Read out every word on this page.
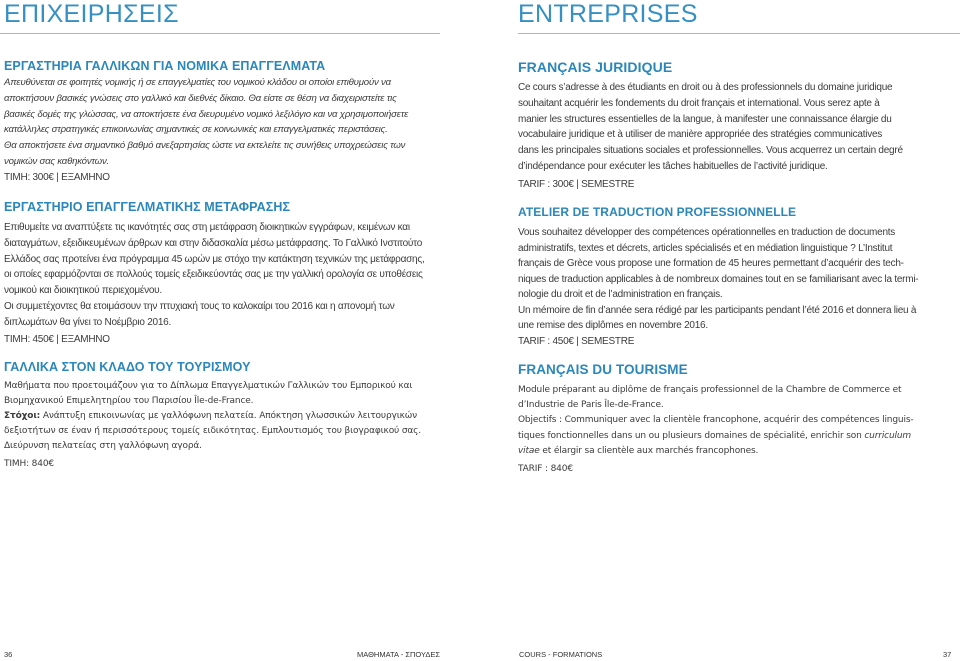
ΕΠΙΧΕΙΡΗΣΕΙΣ
ΕΡΓΑΣΤΗΡΙΑ ΓΑΛΛΙΚΩΝ ΓΙΑ ΝΟΜΙΚΑ ΕΠΑΓΓΕΛΜΑΤΑ
Απευθύνεται σε φοιτητές νομικής ή σε επαγγελματίες του νομικού κλάδου οι οποίοι επιθυμούν να
αποκτήσουν βασικές γνώσεις στο γαλλικό και διεθνές δίκαιο. Θα είστε σε θέση να διαχειριστείτε τις
βασικές δομές της γλώσσας, να αποκτήσετε ένα διευρυμένο νομικό λεξιλόγιο και να χρησιμοποιήσετε
κατάλληλες στρατηγικές επικοινωνίας σημαντικές σε κοινωνικές και επαγγελματικές περιστάσεις.
Θα αποκτήσετε ένα σημαντικό βαθμό ανεξαρτησίας ώστε να εκτελείτε τις συνήθεις υποχρεώσεις των
νομικών σας καθηκόντων.
ΤΙΜΗ: 300€ | ΕΞΑΜΗΝΟ
ΕΡΓΑΣΤΗΡΙΟ ΕΠΑΓΓΕΛΜΑΤΙΚΗΣ ΜΕΤΑΦΡΑΣΗΣ
Επιθυμείτε να αναπτύξετε τις ικανότητές σας στη μετάφραση διοικητικών εγγράφων, κειμένων και
διαταγμάτων, εξειδικευμένων άρθρων και στην διδασκαλία μέσω μετάφρασης. Το Γαλλικό Ινστιτούτο
Ελλάδος σας προτείνει ένα πρόγραμμα 45 ωρών με στόχο την κατάκτηση τεχνικών της μετάφρασης,
οι οποίες εφαρμόζονται σε πολλούς τομείς εξειδικεύοντάς σας με την γαλλική ορολογία σε υποθέσεις
νομικού και διοικητικού περιεχομένου.
Οι συμμετέχοντες θα ετοιμάσουν την πτυχιακή τους το καλοκαίρι του 2016 και η απονομή των
διπλωμάτων θα γίνει το Νοέμβριο 2016.
ΤΙΜΗ: 450€ | ΕΞΑΜΗΝΟ
ΓΑΛΛΙΚΑ ΣΤΟΝ ΚΛΑΔΟ ΤΟΥ ΤΟΥΡΙΣΜΟΥ
Μαθήματα που προετοιμάζουν για το Δίπλωμα Επαγγελματικών Γαλλικών του Εμπορικού και
Βιομηχανικού Επιμελητηρίου του Παρισίου Île-de-France.
Στόχοι: Ανάπτυξη επικοινωνίας με γαλλόφωνη πελατεία. Απόκτηση γλωσσικών λειτουργικών
δεξιοτήτων σε έναν ή περισσότερους τομείς ειδικότητας. Εμπλουτισμός του βιογραφικού σας.
Διεύρυνση πελατείας στη γαλλόφωνη αγορά.
ΤΙΜΗ: 840€
ENTREPRISES
FRANÇAIS JURIDIQUE
Ce cours s’adresse à des étudiants en droit ou à des professionnels du domaine juridique
souhaitant acquérir les fondements du droit français et international. Vous serez apte à
manier les structures essentielles de la langue, à manifester une connaissance élargie du
vocabulaire juridique et à utiliser de manière appropriée des stratégies communicatives
dans les principales situations sociales et professionnelles. Vous acquerrez un certain degré
d’indépendance pour exécuter les tâches habituelles de l’activité juridique.
TARIF : 300€ | SEMESTRE
ATELIER DE TRADUCTION PROFESSIONNELLE
Vous souhaitez développer des compétences opérationnelles en traduction de documents
administratifs, textes et décrets, articles spécialisés et en médiation linguistique ? L’Institut
français de Grèce vous propose une formation de 45 heures permettant d’acquérir des tech-
niques de traduction applicables à de nombreux domaines tout en se familiarisant avec la termi-
nologie du droit et de l’administration en français.
Un mémoire de fin d’année sera rédigé par les participants pendant l’été 2016 et donnera lieu à
une remise des diplômes en novembre 2016.
TARIF : 450€ | SEMESTRE
FRANÇAIS DU TOURISME
Module préparant au diplôme de français professionnel de la Chambre de Commerce et
d’Industrie de Paris Île-de-France.
Objectifs : Communiquer avec la clientèle francophone, acquérir des compétences linguis-
tiques fonctionnelles dans un ou plusieurs domaines de spécialité, enrichir son curriculum
vitae et élargir sa clientèle aux marchés francophones.
TARIF : 840€
36	ΜΑΘΗΜΑΤΑ - ΣΠΟΥΔΕΣ	COURS - FORMATIONS	37
